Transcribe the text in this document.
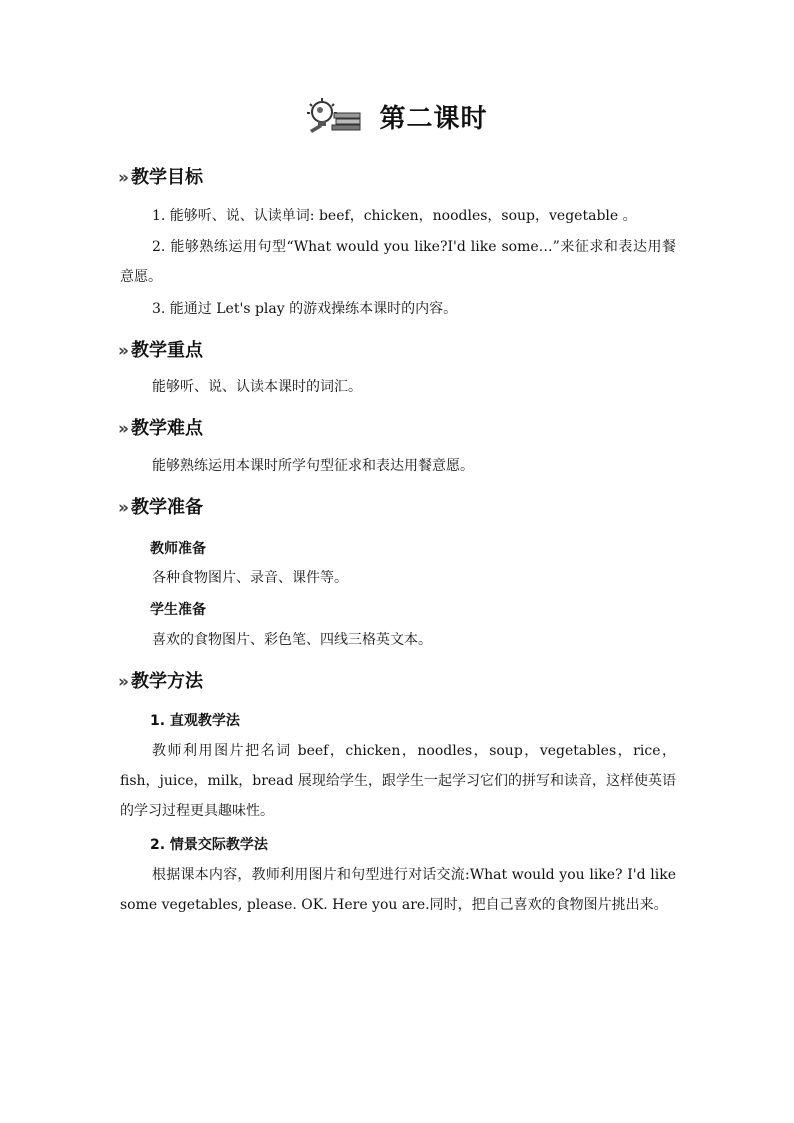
第二课时
» 教学目标
1. 能够听、说、认读单词: beef，chicken，noodles，soup，vegetable 。
2. 能够熟练运用句型“What would you like?I'd like some…”来征求和表达用餐意愿。
3. 能通过 Let's play 的游戏操练本课时的内容。
» 教学重点
能够听、说、认读本课时的词汇。
» 教学难点
能够熟练运用本课时所学句型征求和表达用餐意愿。
» 教学准备
教师准备
各种食物图片、录音、课件等。
学生准备
喜欢的食物图片、彩色笔、四线三格英文本。
» 教学方法
1. 直观教学法
教师利用图片把名词 beef，chicken，noodles，soup，vegetables，rice，fish，juice，milk，bread 展现给学生，跟学生一起学习它们的拼写和读音，这样使英语的学习过程更具趣味性。
2. 情景交际教学法
根据课本内容，教师利用图片和句型进行对话交流:What would you like? I'd like some vegetables, please. OK. Here you are.同时，把自己喜欢的食物图片挑出来。
